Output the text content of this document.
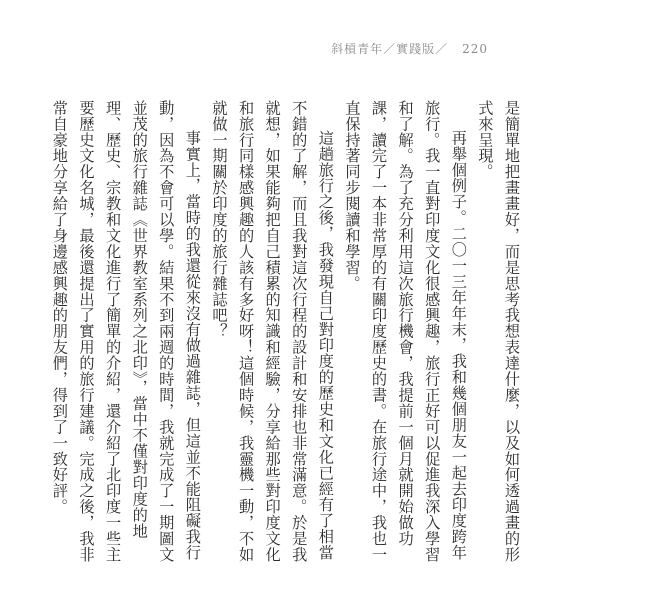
斜槓青年／實踐版／ 220

是簡單地把畫畫好，而是思考我想表達什麼，以及如何透過畫的形式來呈現。

再舉個例子。二〇一三年年末，我和幾個朋友一起去印度跨年旅行。我一直對印度文化很感興趣，旅行正好可以促進我深入學習和了解。為了充分利用這次旅行機會，我提前一個月就開始做功課，讀完了一本非常厚的有關印度歷史的書。在旅行途中，我也一直保持著同步閱讀和學習。

這趟旅行之後，我發現自己對印度的歷史和文化已經有了相當不錯的了解，而且我對這次行程的設計和安排也非常滿意。於是我就想，如果能夠把自己積累的知識和經驗，分享給那些對印度文化和旅行同樣感興趣的人該有多好呀！這個時候，我靈機一動，不如就做一期關於印度的旅行雜誌吧？

事實上，當時的我還從來沒有做過雜誌，但這並不能阻礙我行動，因為不會可以學。結果不到兩週的時間，我就完成了一期圖文並茂的旅行雜誌《世界教室系列之北印》，當中不僅對印度的地理、歷史、宗教和文化進行了簡單的介紹，還介紹了北印度一些主要歷史文化名城，最後還提出了實用的旅行建議。完成之後，我非常自豪地分享給了身邊感興趣的朋友們，得到了一致好評。
